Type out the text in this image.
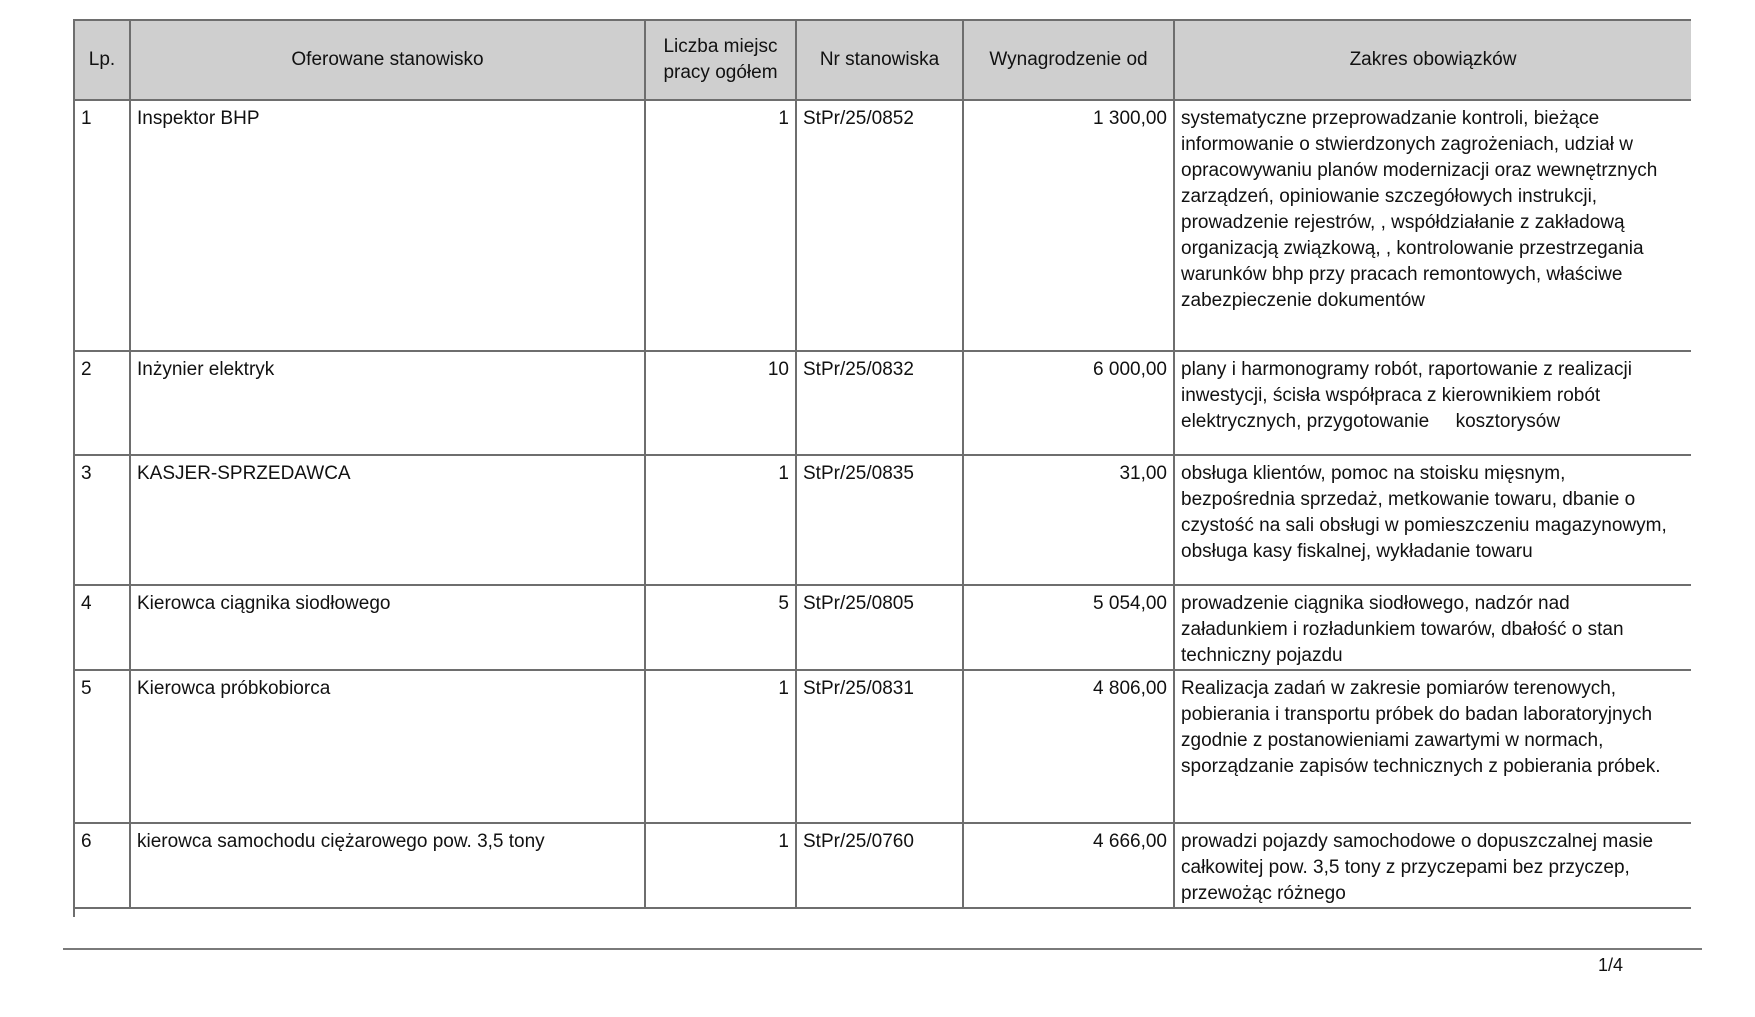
Lp.	Oferowane stanowisko	Liczba miejsc pracy ogółem	Nr stanowiska	Wynagrodzenie od	Zakres obowiązków
1	Inspektor BHP	1	StPr/25/0852	1 300,00	systematyczne przeprowadzanie kontroli, bieżące informowanie o stwierdzonych zagrożeniach, udział w opracowywaniu planów modernizacji oraz wewnętrznych zarządzeń, opiniowanie szczegółowych instrukcji, prowadzenie rejestrów, , współdziałanie z zakładową organizacją związkową, , kontrolowanie przestrzegania warunków bhp przy pracach remontowych, właściwe zabezpieczenie dokumentów
2	Inżynier elektryk	10	StPr/25/0832	6 000,00	plany i harmonogramy robót, raportowanie z realizacji inwestycji, ścisła współpraca z kierownikiem robót elektrycznych, przygotowanie     kosztorysów
3	KASJER-SPRZEDAWCA	1	StPr/25/0835	31,00	obsługa klientów, pomoc na stoisku mięsnym, bezpośrednia sprzedaż, metkowanie towaru, dbanie o czystość na sali obsługi w pomieszczeniu magazynowym, obsługa kasy fiskalnej, wykładanie towaru
4	Kierowca ciągnika siodłowego	5	StPr/25/0805	5 054,00	prowadzenie ciągnika siodłowego, nadzór nad załadunkiem i rozładunkiem towarów, dbałość o stan techniczny pojazdu
5	Kierowca próbkobiorca	1	StPr/25/0831	4 806,00	Realizacja zadań w zakresie pomiarów terenowych, pobierania i transportu próbek do badan laboratoryjnych zgodnie z postanowieniami zawartymi w normach, sporządzanie zapisów technicznych z pobierania próbek.
6	kierowca samochodu ciężarowego pow. 3,5 tony	1	StPr/25/0760	4 666,00	prowadzi pojazdy samochodowe o dopuszczalnej masie całkowitej pow. 3,5 tony z przyczepami bez przyczep, przewożąc różnego

1/4
